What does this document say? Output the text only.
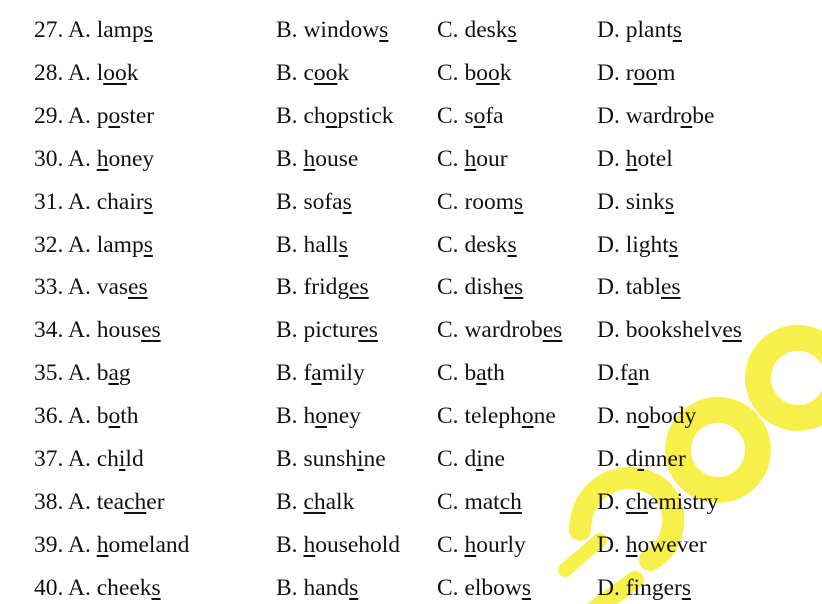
27. A. lamps	B. windows C. desks	D. plants
28. A. look	B. cook	C. book	D. room
29. A. poster	B. chopstick C. sofa	D. wardrobe
30. A. honey	B. house	C. hour	D. hotel
31. A. chairs	B. sofas	C. rooms	D. sinks
32. A. lamps	B. halls	C. desks	D. lights
33. A. vases	B. fridges	C. dishes	D. tables
34. A. houses	B. pictures	C. wardrobes D. bookshelves
35. A. bag	B. family	C. bath	D.fan
36. A. both	B. honey	C. telephone D. nobody
37. A. child	B. sunshine C. dine	D. dinner
38. A. teacher	B. chalk	C. match	D. chemistry
39. A. homeland	B. household C. hourly	D. however
40. A. cheeks	B. hands	C. elbows	D. fingers
